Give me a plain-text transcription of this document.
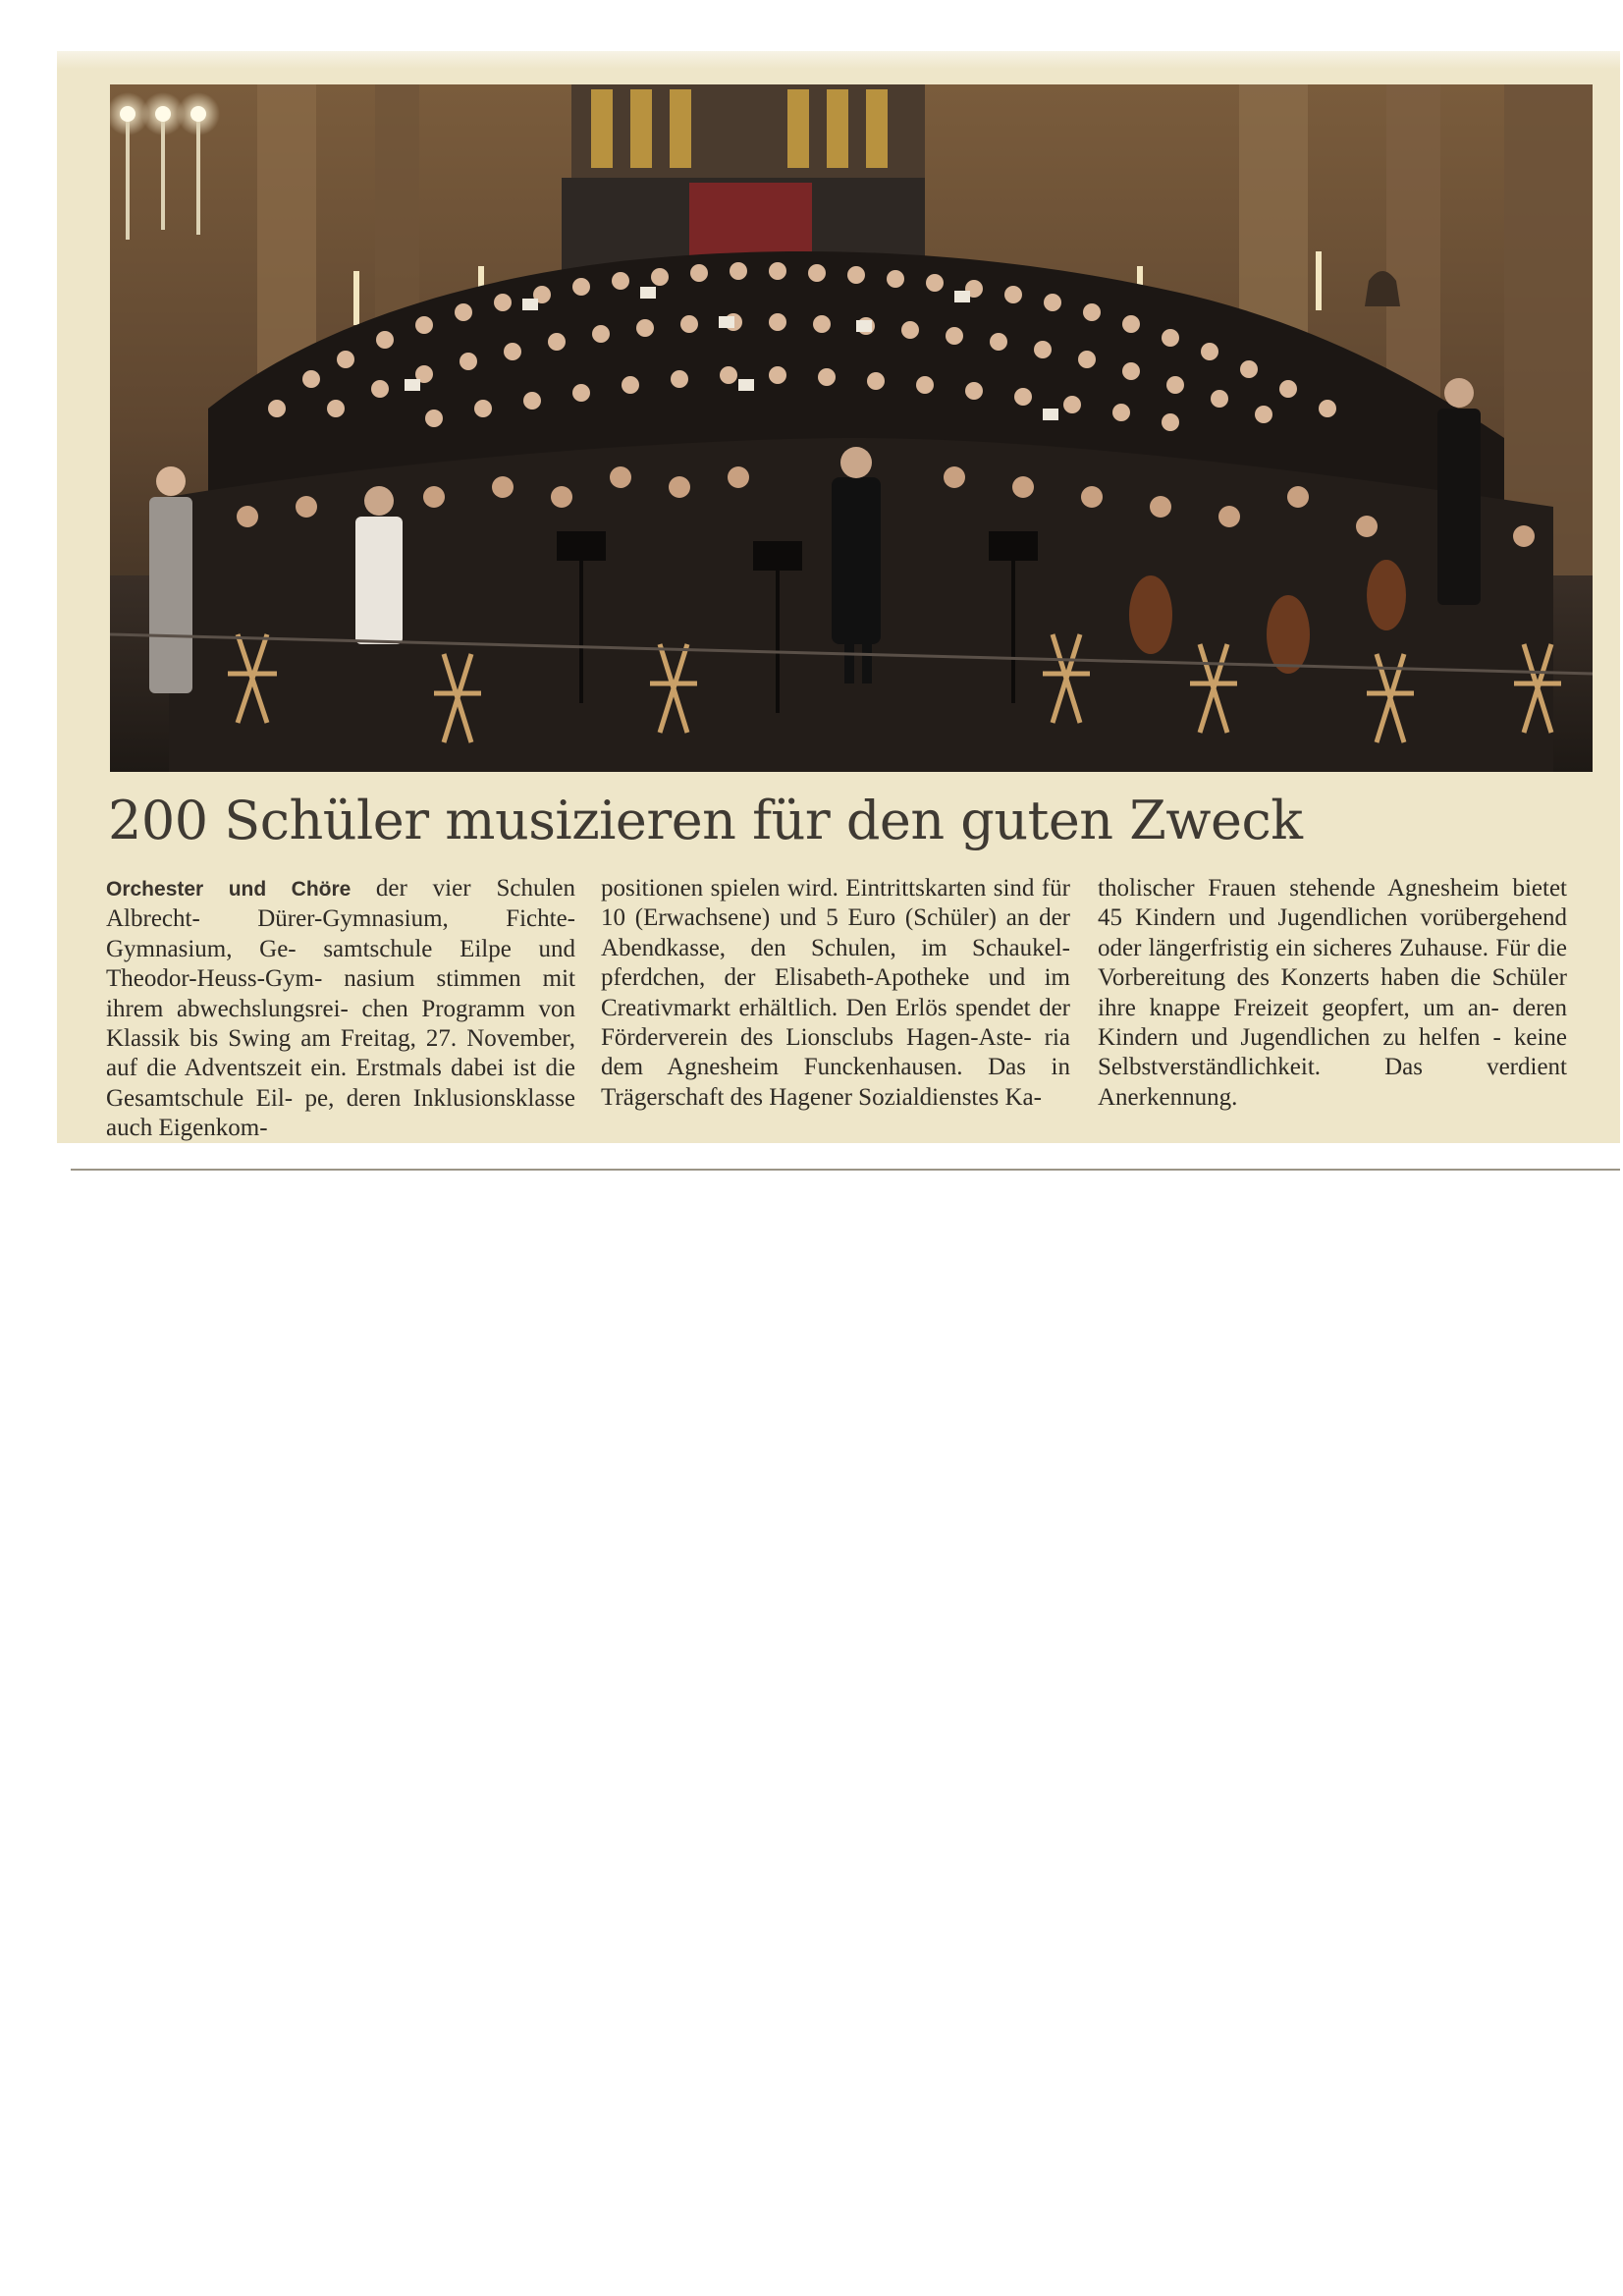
200 Schüler musizieren für den guten Zweck
Orchester und Chöre der vier Schulen Albrecht- Dürer-Gymnasium, Fichte-Gymnasium, Ge- samtschule Eilpe und Theodor-Heuss-Gym- nasium stimmen mit ihrem abwechslungsrei- chen Programm von Klassik bis Swing am Freitag, 27. November, auf die Adventszeit ein. Erstmals dabei ist die Gesamtschule Eil- pe, deren Inklusionsklasse auch Eigenkom-
positionen spielen wird. Eintrittskarten sind für 10 (Erwachsene) und 5 Euro (Schüler) an der Abendkasse, den Schulen, im Schaukel- pferdchen, der Elisabeth-Apotheke und im Creativmarkt erhältlich. Den Erlös spendet der Förderverein des Lionsclubs Hagen-Aste- ria dem Agnesheim Funckenhausen. Das in Trägerschaft des Hagener Sozialdienstes Ka-
tholischer Frauen stehende Agnesheim bietet 45 Kindern und Jugendlichen vorübergehend oder längerfristig ein sicheres Zuhause. Für die Vorbereitung des Konzerts haben die Schüler ihre knappe Freizeit geopfert, um an- deren Kindern und Jugendlichen zu helfen - keine Selbstverständlichkeit. Das verdient Anerkennung.
